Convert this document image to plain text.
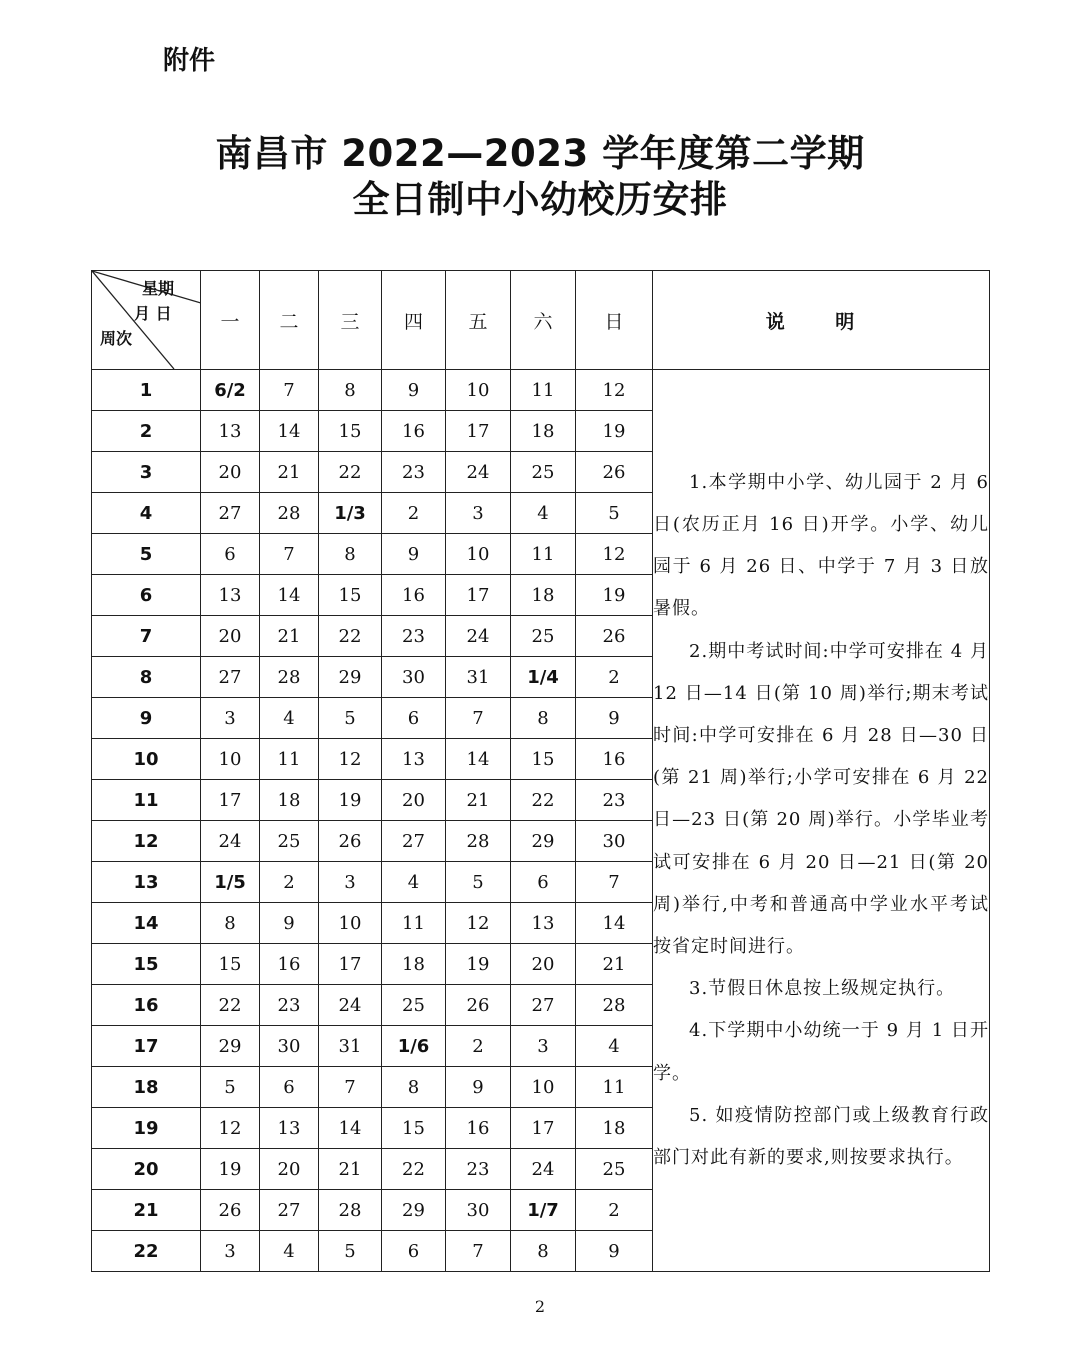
附件
南昌市 2022—2023 学年度第二学期
全日制中小幼校历安排
星期
月 日
周次	一	二	三	四	五	六	日	说 明
1	6/2	7	8	9	10	11	12	1.本学期中小学、幼儿园于 2 月 6 日(农历正月 16 日)开学。小学、幼儿园于 6 月 26 日、中学于 7 月 3 日放暑假。

2.期中考试时间:中学可安排在 4 月 12 日—14 日(第 10 周)举行;期末考试时间:中学可安排在 6 月 28 日—30 日(第 21 周)举行;小学可安排在 6 月 22 日—23 日(第 20 周)举行。小学毕业考试可安排在 6 月 20 日—21 日(第 20 周)举行,中考和普通高中学业水平考试按省定时间进行。

3.节假日休息按上级规定执行。

4.下学期中小幼统一于 9 月 1 日开学。

5. 如疫情防控部门或上级教育行政部门对此有新的要求,则按要求执行。

2	13	14	15	16	17	18	19	
3	20	21	22	23	24	25	26	
4	27	28	1/3	2	3	4	5	
5	6	7	8	9	10	11	12	
6	13	14	15	16	17	18	19	
7	20	21	22	23	24	25	26	
8	27	28	29	30	31	1/4	2	
9	3	4	5	6	7	8	9	
10	10	11	12	13	14	15	16	
11	17	18	19	20	21	22	23	
12	24	25	26	27	28	29	30	
13	1/5	2	3	4	5	6	7	
14	8	9	10	11	12	13	14	
15	15	16	17	18	19	20	21	
16	22	23	24	25	26	27	28	
17	29	30	31	1/6	2	3	4	
18	5	6	7	8	9	10	11	
19	12	13	14	15	16	17	18	
20	19	20	21	22	23	24	25	
21	26	27	28	29	30	1/7	2	
22	3	4	5	6	7	8	9	
2
